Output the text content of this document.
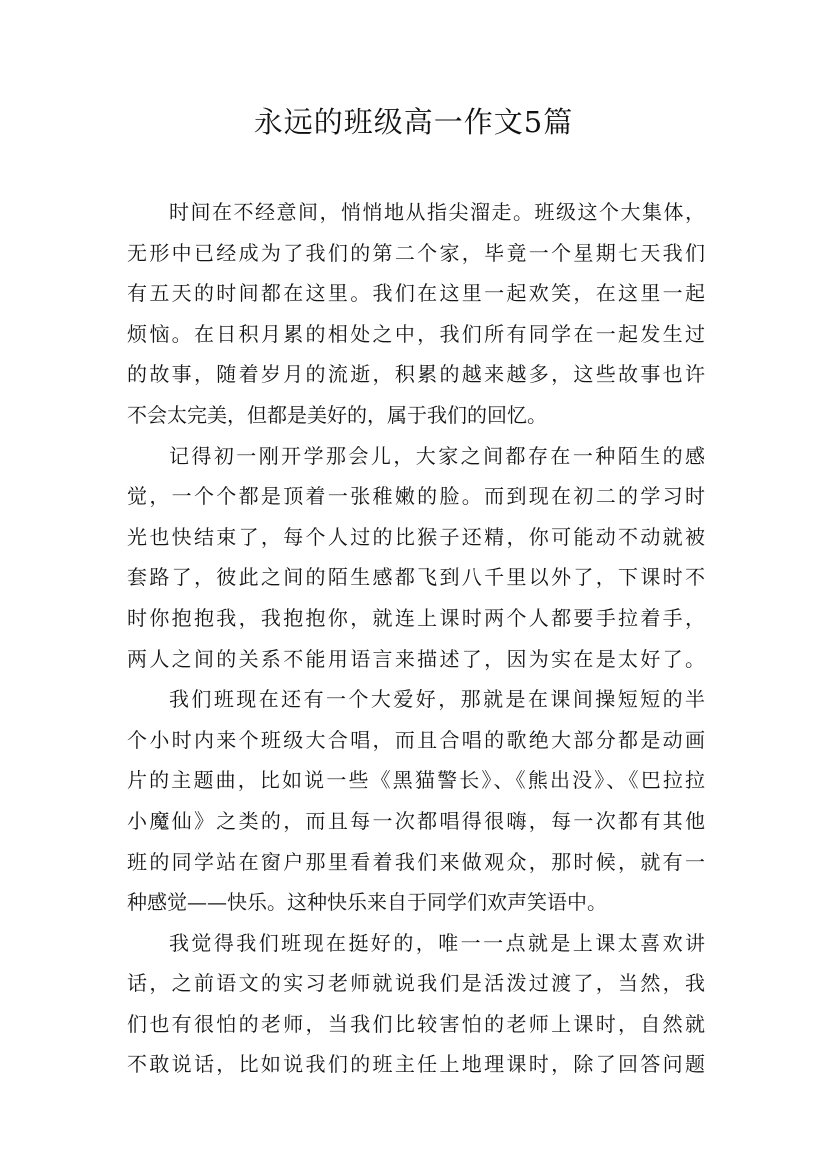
永远的班级高一作文5篇
时间在不经意间，悄悄地从指尖溜走。班级这个大集体，
无形中已经成为了我们的第二个家，毕竟一个星期七天我们
有五天的时间都在这里。我们在这里一起欢笑，在这里一起
烦恼。在日积月累的相处之中，我们所有同学在一起发生过
的故事，随着岁月的流逝，积累的越来越多，这些故事也许
不会太完美，但都是美好的，属于我们的回忆。
记得初一刚开学那会儿，大家之间都存在一种陌生的感
觉，一个个都是顶着一张稚嫩的脸。而到现在初二的学习时
光也快结束了，每个人过的比猴子还精，你可能动不动就被
套路了，彼此之间的陌生感都飞到八千里以外了，下课时不
时你抱抱我，我抱抱你，就连上课时两个人都要手拉着手，
两人之间的关系不能用语言来描述了，因为实在是太好了。
我们班现在还有一个大爱好，那就是在课间操短短的半
个小时内来个班级大合唱，而且合唱的歌绝大部分都是动画
片的主题曲，比如说一些《黑猫警长》、《熊出没》、《巴拉拉
小魔仙》之类的，而且每一次都唱得很嗨，每一次都有其他
班的同学站在窗户那里看着我们来做观众，那时候，就有一
种感觉——快乐。这种快乐来自于同学们欢声笑语中。
我觉得我们班现在挺好的，唯一一点就是上课太喜欢讲
话，之前语文的实习老师就说我们是活泼过渡了，当然，我
们也有很怕的老师，当我们比较害怕的老师上课时，自然就
不敢说话，比如说我们的班主任上地理课时，除了回答问题
